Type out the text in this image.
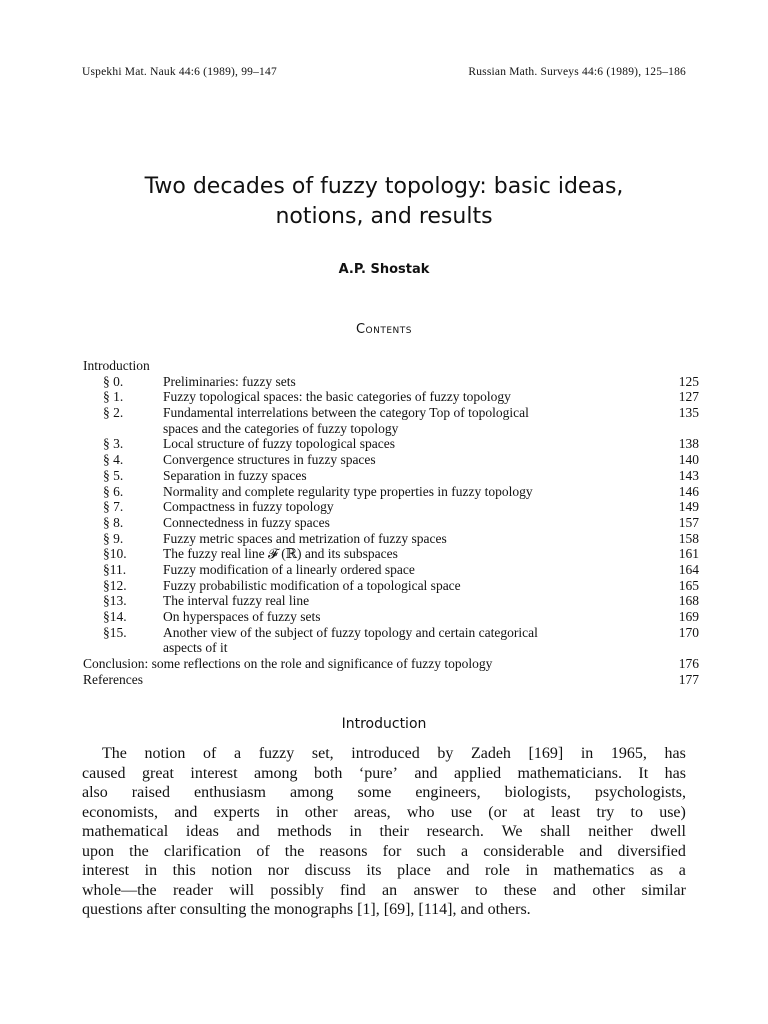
Uspekhi Mat. Nauk 44:6 (1989), 99–147	Russian Math. Surveys 44:6 (1989), 125–186
Two decades of fuzzy topology: basic ideas,
notions, and results
A.P. Shostak
Contents
Introduction
§ 0.	Preliminaries: fuzzy sets	125
§ 1.	Fuzzy topological spaces: the basic categories of fuzzy topology	127
§ 2.	Fundamental interrelations between the category Top of topological	135
spaces and the categories of fuzzy topology
§ 3.	Local structure of fuzzy topological spaces	138
§ 4.	Convergence structures in fuzzy spaces	140
§ 5.	Separation in fuzzy spaces	143
§ 6.	Normality and complete regularity type properties in fuzzy topology	146
§ 7.	Compactness in fuzzy topology	149
§ 8.	Connectedness in fuzzy spaces	157
§ 9.	Fuzzy metric spaces and metrization of fuzzy spaces	158
§10.	The fuzzy real line 𝓕 (ℝ) and its subspaces	161
§11.	Fuzzy modification of a linearly ordered space	164
§12.	Fuzzy probabilistic modification of a topological space	165
§13.	The interval fuzzy real line	168
§14.	On hyperspaces of fuzzy sets	169
§15.	Another view of the subject of fuzzy topology and certain categorical	170
aspects of it
Conclusion: some reflections on the role and significance of fuzzy topology	176
References	177
Introduction
The notion of a fuzzy set, introduced by Zadeh [169] in 1965, has
caused great interest among both ‘pure’ and applied mathematicians. It has
also raised enthusiasm among some engineers, biologists, psychologists,
economists, and experts in other areas, who use (or at least try to use)
mathematical ideas and methods in their research. We shall neither dwell
upon the clarification of the reasons for such a considerable and diversified
interest in this notion nor discuss its place and role in mathematics as a
whole—the reader will possibly find an answer to these and other similar
questions after consulting the monographs [1], [69], [114], and others.
